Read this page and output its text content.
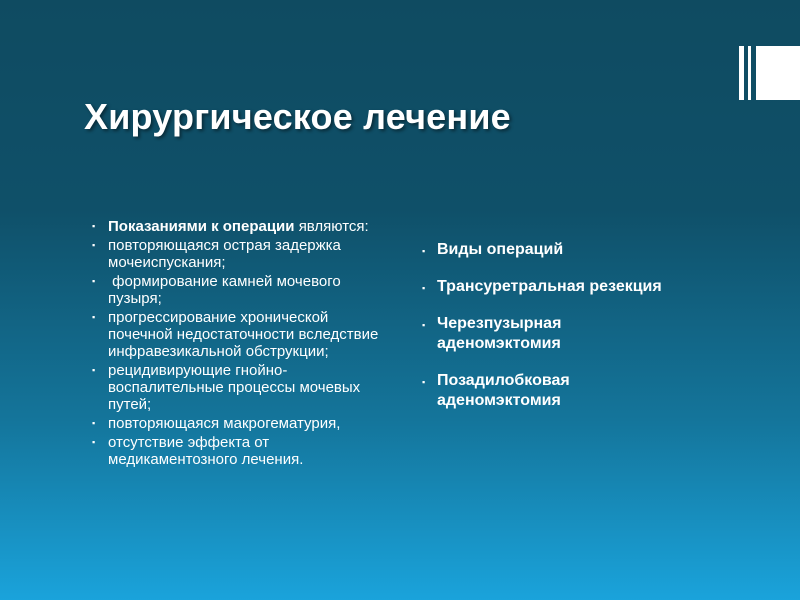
Хирургическое лечение
▪ Показаниями к операции являются:
▪ повторяющаяся острая задержка мочеиспускания;
▪ формирование камней мочевого пузыря;
▪ прогрессирование хронической почечной недостаточности вследствие инфравезикальной обструкции;
▪ рецидивирующие гнойно-воспалительные процессы мочевых путей;
▪ повторяющаяся макрогематурия,
▪ отсутствие эффекта от медикаментозного лечения.
▪ Виды операций
▪ Трансуретральная резекция
▪ Черезпузырная аденомэктомия
▪ Позадилобковая аденомэктомия
